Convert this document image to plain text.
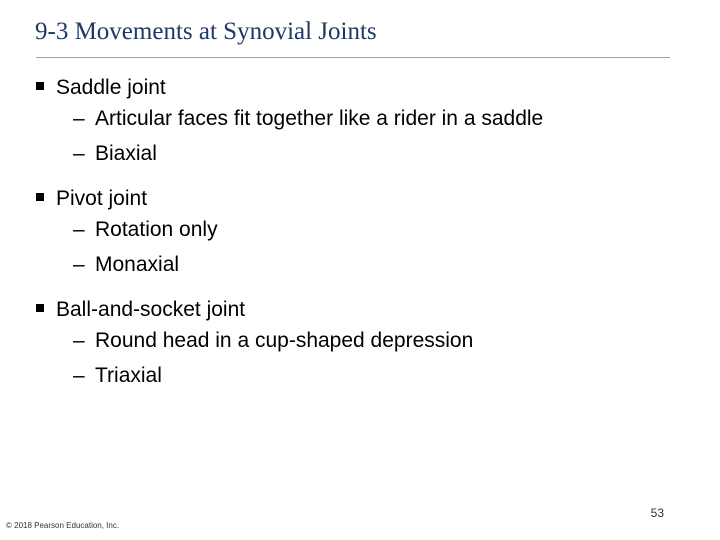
9-3 Movements at Synovial Joints
Saddle joint
– Articular faces fit together like a rider in a saddle
– Biaxial
Pivot joint
– Rotation only
– Monaxial
Ball-and-socket joint
– Round head in a cup-shaped depression
– Triaxial
53
© 2018 Pearson Education, Inc.
